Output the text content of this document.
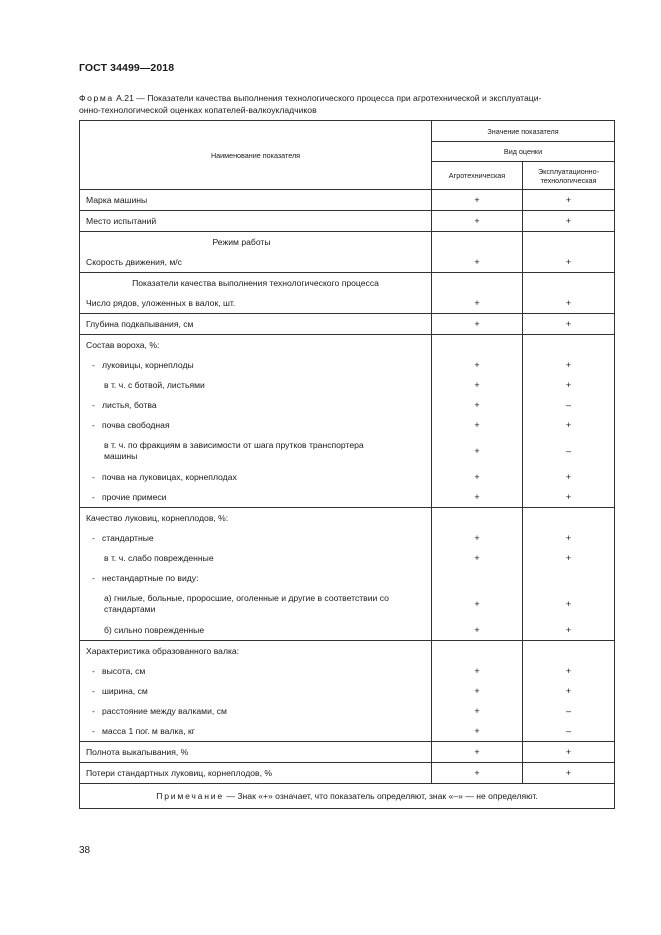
ГОСТ 34499—2018
Форма А.21 — Показатели качества выполнения технологического процесса при агротехнической и эксплуатаци-
онно-технологической оценках копателей-валкоукладчиков
Наименование показателя	Значение показателя	
	Вид оценки	
	Агротехническая	Эксплуатационно-
технологическая
Марка машины	+	+
Место испытаний	+	+
Режим работы		
Скорость движения, м/с	+	+
Показатели качества выполнения технологического процесса		
Число рядов, уложенных в валок, шт.	+	+
Глубина подкапывания, см	+	+
Состав вороха, %:		
- луковицы, корнеплоды	+	+
в т. ч. с ботвой, листьями	+	+
- листья, ботва	+	–
- почва свободная	+	+

в т. ч. по фракциям в зависимости от шага прутков транспортера машины	+	–
- почва на луковицах, корнеплодах	+	+
- прочие примеси	+	+
Качество луковиц, корнеплодов, %:		
- стандартные	+	+
в т. ч. слабо поврежденные	+	+
- нестандартные по виду:		

а) гнилые, больные, проросшие, оголенные и другие в соответствии со стандартами	+	+
б) сильно поврежденные	+	+
Характеристика образованного валка:		
- высота, см	+	+
- ширина, см	+	+
- расстояние между валками, см	+	–
- масса 1 пог. м валка, кг	+	–
Полнота выкапывания, %	+	+
Потери стандартных луковиц, корнеплодов, %	+	+
Примечание — Знак «+» означает, что показатель определяют, знак «–» — не определяют.		
38
